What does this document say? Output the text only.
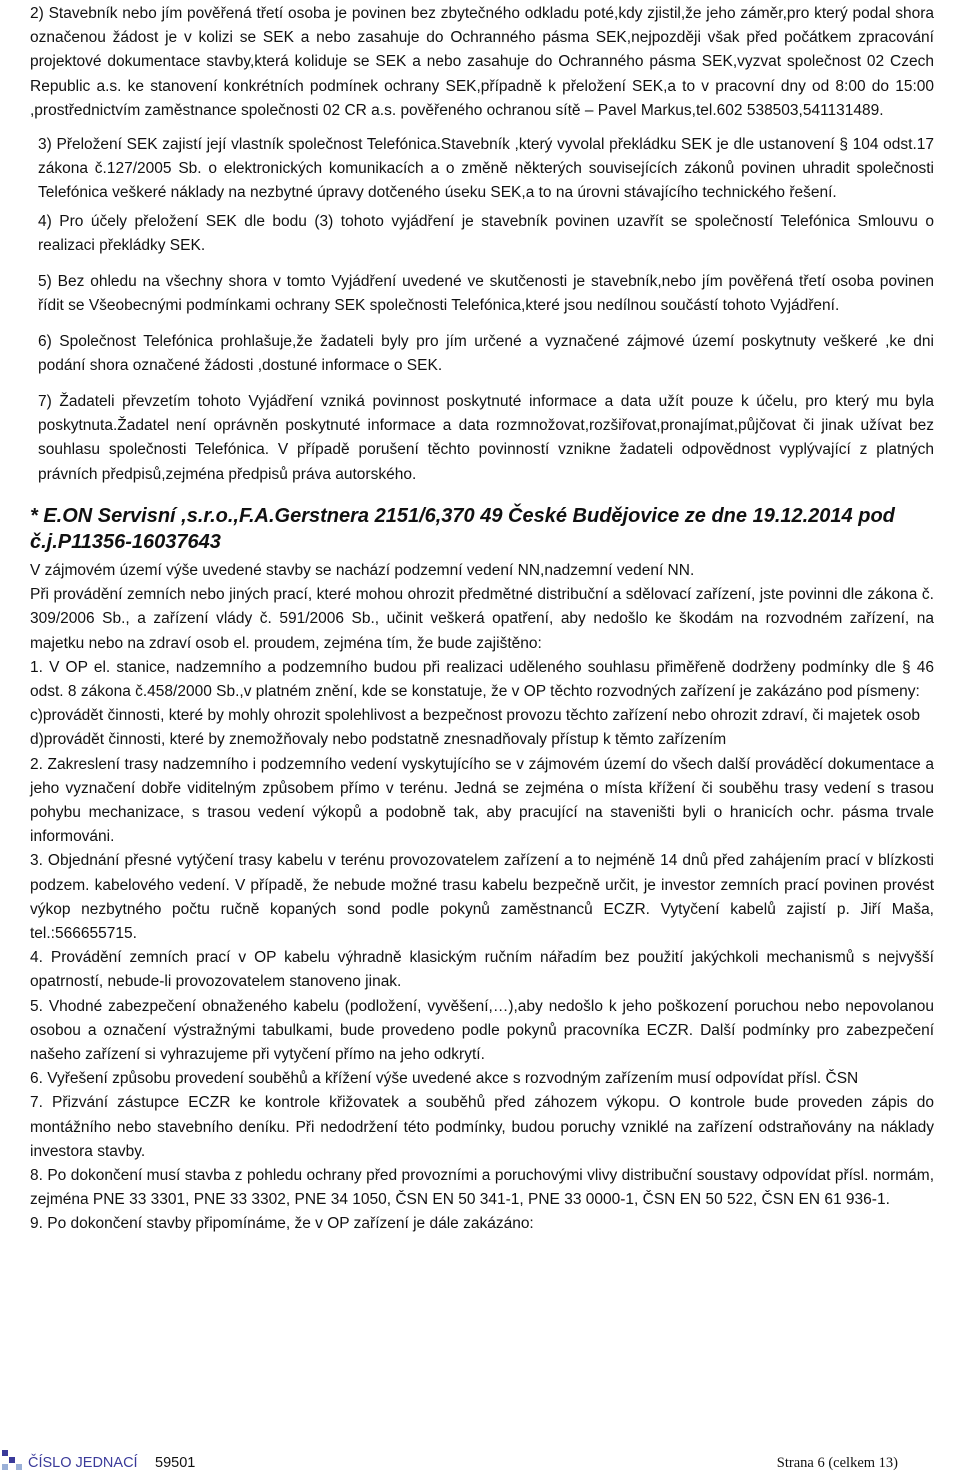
2) Stavebník nebo jím pověřená třetí osoba je povinen bez zbytečného odkladu poté,kdy zjistil,že jeho záměr,pro který podal shora označenou žádost je v kolizi se SEK a nebo zasahuje do Ochranného pásma SEK,nejpozději však před počátkem zpracování projektové dokumentace stavby,která koliduje se SEK a nebo zasahuje do Ochranného pásma SEK,vyzvat společnost 02 Czech Republic a.s. ke stanovení konkrétních podmínek ochrany SEK,případně k přeložení SEK,a to v pracovní dny od 8:00 do 15:00 ,prostřednictvím zaměstnance společnosti 02 CR a.s. pověřeného ochranou sítě – Pavel Markus,tel.602 538503,541131489.

3) Přeložení SEK zajistí její vlastník společnost Telefónica.Stavebník ,který vyvolal překládku SEK je dle ustanovení § 104 odst.17 zákona č.127/2005 Sb. o elektronických komunikacích a o změně některých souvisejících zákonů povinen uhradit společnosti Telefónica veškeré náklady na nezbytné úpravy dotčeného úseku SEK,a to na úrovni stávajícího technického řešení.

4) Pro účely přeložení SEK dle bodu (3) tohoto vyjádření je stavebník povinen uzavřít se společností Telefónica Smlouvu o realizaci překládky SEK.

5) Bez ohledu na všechny shora v tomto Vyjádření uvedené ve skutčenosti je stavebník,nebo jím pověřená třetí osoba povinen řídit se Všeobecnými podmínkami ochrany SEK společnosti Telefónica,které jsou nedílnou součástí tohoto Vyjádření.

6) Společnost Telefónica prohlašuje,že žadateli byly pro jím určené a vyznačené zájmové území poskytnuty veškeré ,ke dni podání shora označené žádosti ,dostuné informace o SEK.

7) Žadateli převzetím tohoto Vyjádření vzniká povinnost poskytnuté informace a data užít pouze k účelu, pro který mu byla poskytnuta.Žadatel není oprávněn poskytnuté informace a data rozmnožovat,rozšiřovat,pronajímat,půjčovat či jinak užívat bez souhlasu společnosti Telefónica. V případě porušení těchto povinností vznikne žadateli odpovědnost vyplývající z platných právních předpisů,zejména předpisů práva autorského.

* E.ON Servisní ,s.r.o.,F.A.Gerstnera 2151/6,370 49 České Budějovice ze dne 19.12.2014 pod č.j.P11356-16037643

V zájmovém území výše uvedené stavby se nachází podzemní vedení NN,nadzemní vedení NN.

Při provádění zemních nebo jiných prací, které mohou ohrozit předmětné distribuční a sdělovací zařízení, jste povinni dle zákona č. 309/2006 Sb., a zařízení vlády č. 591/2006 Sb., učinit veškerá opatření, aby nedošlo ke škodám na rozvodném zařízení, na majetku nebo na zdraví osob el. proudem, zejména tím, že bude zajištěno:

1. V OP el. stanice, nadzemního a podzemního budou při realizaci uděleného souhlasu přiměřeně dodrženy podmínky dle § 46 odst. 8 zákona č.458/2000 Sb.,v platném znění, kde se konstatuje, že v OP těchto rozvodných zařízení je zakázáno pod písmeny:

c)provádět činnosti, které by mohly ohrozit spolehlivost a bezpečnost provozu těchto zařízení nebo ohrozit zdraví, či majetek osob

d)provádět činnosti, které by znemožňovaly nebo podstatně znesnadňovaly přístup k těmto zařízením

2. Zakreslení trasy nadzemního i podzemního vedení vyskytujícího se v zájmovém území do všech další prováděcí dokumentace a jeho vyznačení dobře viditelným způsobem přímo v terénu. Jedná se zejména o místa křížení či souběhu trasy vedení s trasou pohybu mechanizace, s trasou vedení výkopů a podobně tak, aby pracující na staveništi byli o hranicích ochr. pásma trvale informováni.

3. Objednání přesné vytýčení trasy kabelu v terénu provozovatelem zařízení a to nejméně 14 dnů před zahájením prací v blízkosti podzem. kabelového vedení. V případě, že nebude možné trasu kabelu bezpečně určit, je investor zemních prací povinen provést výkop nezbytného počtu ručně kopaných sond podle pokynů zaměstnanců ECZR. Vytyčení kabelů zajistí p. Jiří Maša, tel.:566655715.

4. Provádění zemních prací v OP kabelu výhradně klasickým ručním nářadím bez použití jakýchkoli mechanismů s nejvyšší opatrností, nebude-li provozovatelem stanoveno jinak.

5. Vhodné zabezpečení obnaženého kabelu (podložení, vyvěšení,…),aby nedošlo k jeho poškození poruchou nebo nepovolanou osobou a označení výstražnými tabulkami, bude provedeno podle pokynů pracovníka ECZR. Další podmínky pro zabezpečení našeho zařízení si vyhrazujeme při vytyčení přímo na jeho odkrytí.

6. Vyřešení způsobu provedení souběhů a křížení výše uvedené akce s rozvodným zařízením musí odpovídat přísl. ČSN

7. Přizvání zástupce ECZR ke kontrole křižovatek a souběhů před záhozem výkopu. O kontrole bude proveden zápis do montážního nebo stavebního deníku. Při nedodržení této podmínky, budou poruchy vzniklé na zařízení odstraňovány na náklady investora stavby.

8. Po dokončení musí stavba z pohledu ochrany před provozními a poruchovými vlivy distribuční soustavy odpovídat přísl. normám, zejména PNE 33 3301, PNE 33 3302, PNE 34 1050, ČSN EN 50 341-1, PNE 33 0000-1, ČSN EN 50 522, ČSN EN 61 936-1.

9. Po dokončení stavby připomínáme, že v OP zařízení je dále zakázáno:

ČÍSLO JEDNACÍ 59501	Strana 6 (celkem 13)
